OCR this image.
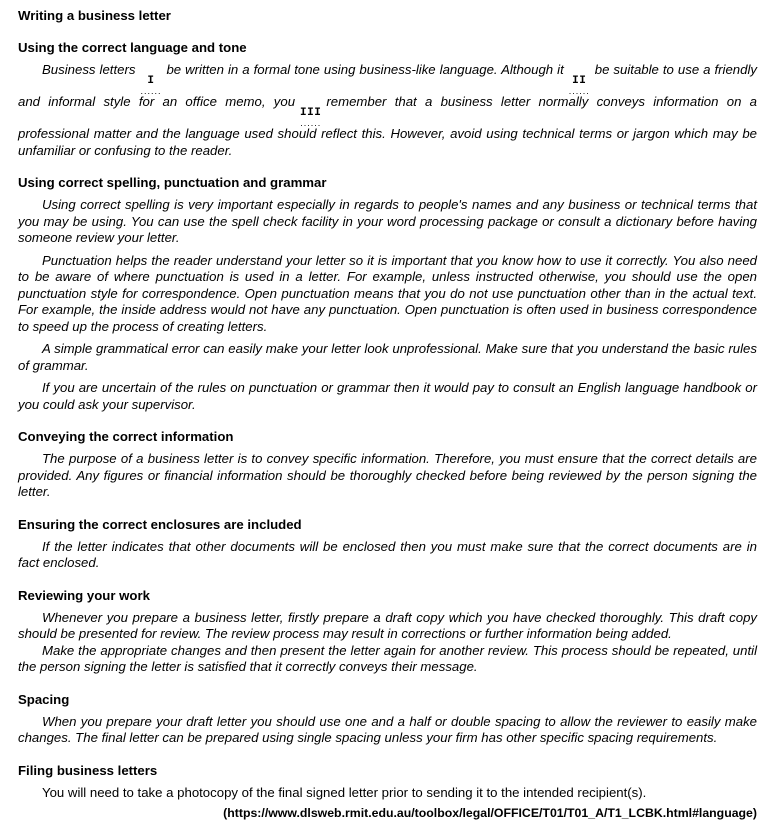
Writing a business letter
Using the correct language and tone

Business letters
I
......
be written in a formal tone using business-like language. Although it
II
......
be suitable to use a friendly and informal style for an office memo, you
III
......
remember that a business letter normally conveys information on a professional matter and the language used should reflect this. However, avoid using technical terms or jargon which may be unfamiliar or confusing to the reader.

Using correct spelling, punctuation and grammar

Using correct spelling is very important especially in regards to people's names and any business or technical terms that you may be using. You can use the spell check facility in your word processing package or consult a dictionary before having someone review your letter.

Punctuation helps the reader understand your letter so it is important that you know how to use it correctly. You also need to be aware of where punctuation is used in a letter. For example, unless instructed otherwise, you should use the open punctuation style for correspondence. Open punctuation means that you do not use punctuation other than in the actual text. For example, the inside address would not have any punctuation. Open punctuation is often used in business correspondence to speed up the process of creating letters.

A simple grammatical error can easily make your letter look unprofessional. Make sure that you understand the basic rules of grammar.

If you are uncertain of the rules on punctuation or grammar then it would pay to consult an English language handbook or you could ask your supervisor.

Conveying the correct information

The purpose of a business letter is to convey specific information. Therefore, you must ensure that the correct details are provided. Any figures or financial information should be thoroughly checked before being reviewed by the person signing the letter.

Ensuring the correct enclosures are included

If the letter indicates that other documents will be enclosed then you must make sure that the correct documents are in fact enclosed.

Reviewing your work

Whenever you prepare a business letter, firstly prepare a draft copy which you have checked thoroughly. This draft copy should be presented for review. The review process may result in corrections or further information being added.

Make the appropriate changes and then present the letter again for another review. This process should be repeated, until the person signing the letter is satisfied that it correctly conveys their message.

Spacing

When you prepare your draft letter you should use one and a half or double spacing to allow the reviewer to easily make changes. The final letter can be prepared using single spacing unless your firm has other specific spacing requirements.

Filing business letters

You will need to take a photocopy of the final signed letter prior to sending it to the intended recipient(s).

(https://www.dlsweb.rmit.edu.au/toolbox/legal/OFFICE/T01/T01_A/T1_LCBK.html#language)
